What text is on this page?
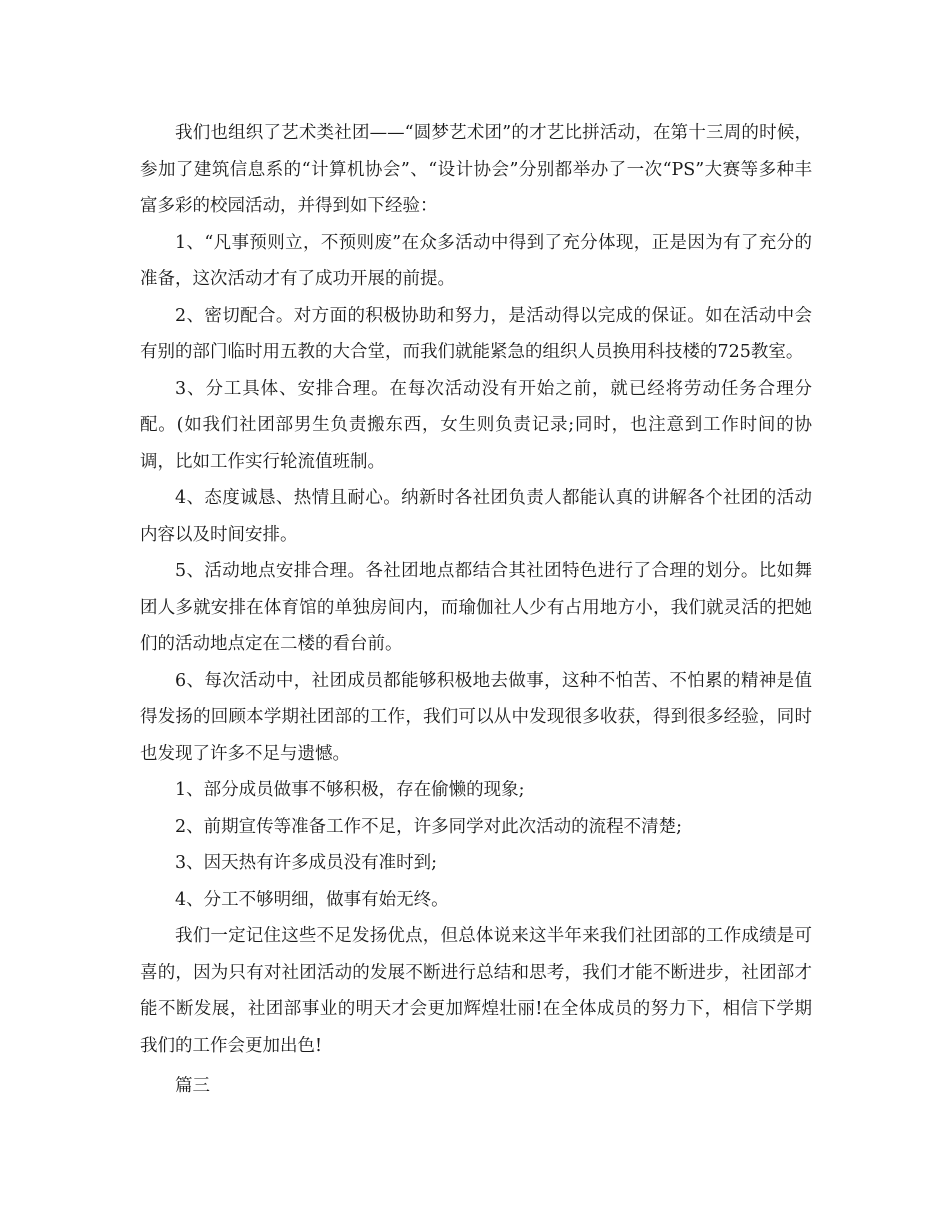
我们也组织了艺术类社团——“圆梦艺术团”的才艺比拼活动，在第十三周的时候，参加了建筑信息系的“计算机协会”、“设计协会”分别都举办了一次“PS”大赛等多种丰富多彩的校园活动，并得到如下经验：

1、“凡事预则立，不预则废”在众多活动中得到了充分体现，正是因为有了充分的准备，这次活动才有了成功开展的前提。

2、密切配合。对方面的积极协助和努力，是活动得以完成的保证。如在活动中会有别的部门临时用五教的大合堂，而我们就能紧急的组织人员换用科技楼的725教室。

3、分工具体、安排合理。在每次活动没有开始之前，就已经将劳动任务合理分配。(如我们社团部男生负责搬东西，女生则负责记录;同时，也注意到工作时间的协调，比如工作实行轮流值班制。

4、态度诚恳、热情且耐心。纳新时各社团负责人都能认真的讲解各个社团的活动内容以及时间安排。

5、活动地点安排合理。各社团地点都结合其社团特色进行了合理的划分。比如舞团人多就安排在体育馆的单独房间内，而瑜伽社人少有占用地方小，我们就灵活的把她们的活动地点定在二楼的看台前。

6、每次活动中，社团成员都能够积极地去做事，这种不怕苦、不怕累的精神是值得发扬的回顾本学期社团部的工作，我们可以从中发现很多收获，得到很多经验，同时也发现了许多不足与遗憾。

1、部分成员做事不够积极，存在偷懒的现象;

2、前期宣传等准备工作不足，许多同学对此次活动的流程不清楚;

3、因天热有许多成员没有准时到;

4、分工不够明细，做事有始无终。

我们一定记住这些不足发扬优点，但总体说来这半年来我们社团部的工作成绩是可喜的，因为只有对社团活动的发展不断进行总结和思考，我们才能不断进步，社团部才能不断发展，社团部事业的明天才会更加辉煌壮丽!在全体成员的努力下，相信下学期我们的工作会更加出色!

篇三
